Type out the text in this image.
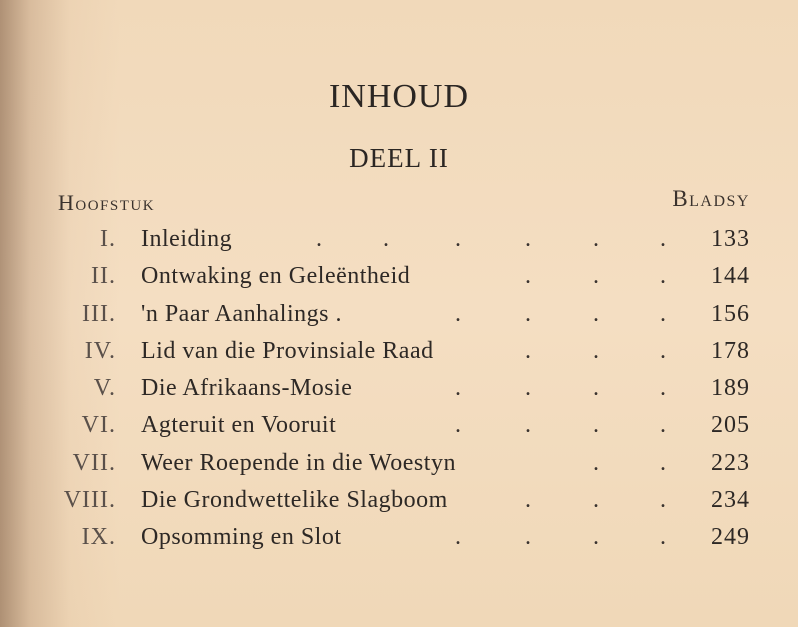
INHOUD
DEEL II
Hoofstuk	Bladsy
I. Inleiding	.	.	.	.	.	. 133
II. Ontwaking en Geleëntheid	.	.	. 144
III. 'n Paar Aanhalings .	.	.	.	. 156
IV. Lid van die Provinsiale Raad	.	.	. 178
V. Die Afrikaans-Mosie	.	.	.	. 189
VI. Agteruit en Vooruit	.	.	.	. 205
VII. Weer Roepende in die Woestyn	.	. 223
VIII. Die Grondwettelike Slagboom	.	.	. 234
IX. Opsomming en Slot	.	.	.	. 249
